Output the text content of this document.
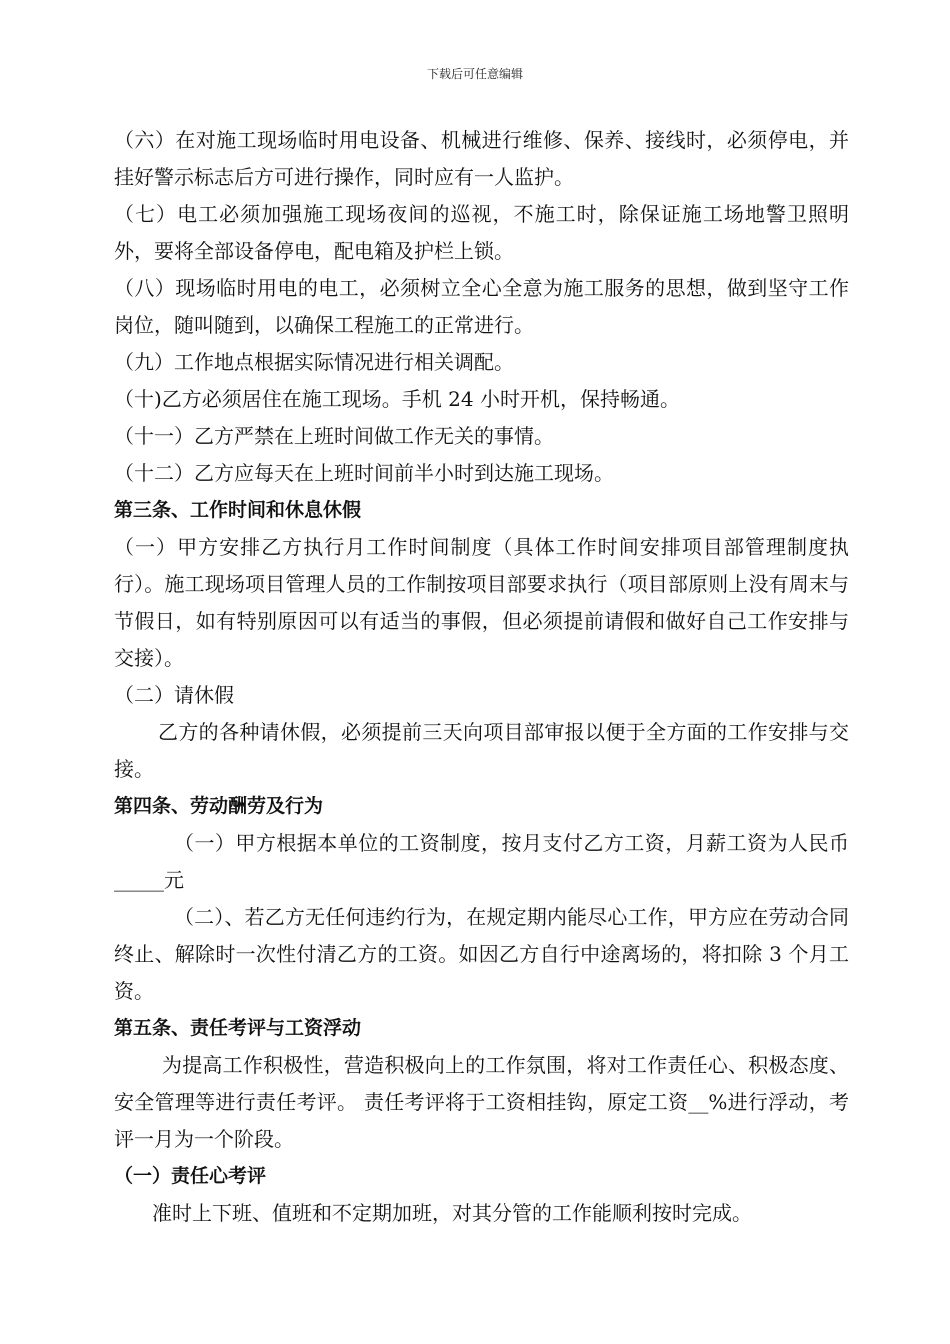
下载后可任意编辑

（六）在对施工现场临时用电设备、机械进行维修、保养、接线时，必须停电，并挂好警示标志后方可进行操作，同时应有一人监护。

（七）电工必须加强施工现场夜间的巡视，不施工时，除保证施工场地警卫照明外，要将全部设备停电，配电箱及护栏上锁。

（八）现场临时用电的电工，必须树立全心全意为施工服务的思想，做到坚守工作岗位，随叫随到，以确保工程施工的正常进行。

（九）工作地点根据实际情况进行相关调配。

（十)乙方必须居住在施工现场。手机 24 小时开机，保持畅通。

（十一）乙方严禁在上班时间做工作无关的事情。

（十二）乙方应每天在上班时间前半小时到达施工现场。

第三条、工作时间和休息休假

（一）甲方安排乙方执行月工作时间制度（具体工作时间安排项目部管理制度执行）。施工现场项目管理人员的工作制按项目部要求执行（项目部原则上没有周末与节假日，如有特别原因可以有适当的事假，但必须提前请假和做好自己工作安排与交接）。

（二）请休假

乙方的各种请休假，必须提前三天向项目部审报以便于全方面的工作安排与交接。

第四条、劳动酬劳及行为

（一）甲方根据本单位的工资制度，按月支付乙方工资，月薪工资为人民币_____元

（二）、若乙方无任何违约行为，在规定期内能尽心工作，甲方应在劳动合同终止、解除时一次性付清乙方的工资。如因乙方自行中途离场的，将扣除 3 个月工资。

第五条、责任考评与工资浮动

为提高工作积极性，营造积极向上的工作氛围，将对工作责任心、积极态度、安全管理等进行责任考评。 责任考评将于工资相挂钩，原定工资__%进行浮动，考评一月为一个阶段。

（一）责任心考评

准时上下班、值班和不定期加班，对其分管的工作能顺利按时完成。
